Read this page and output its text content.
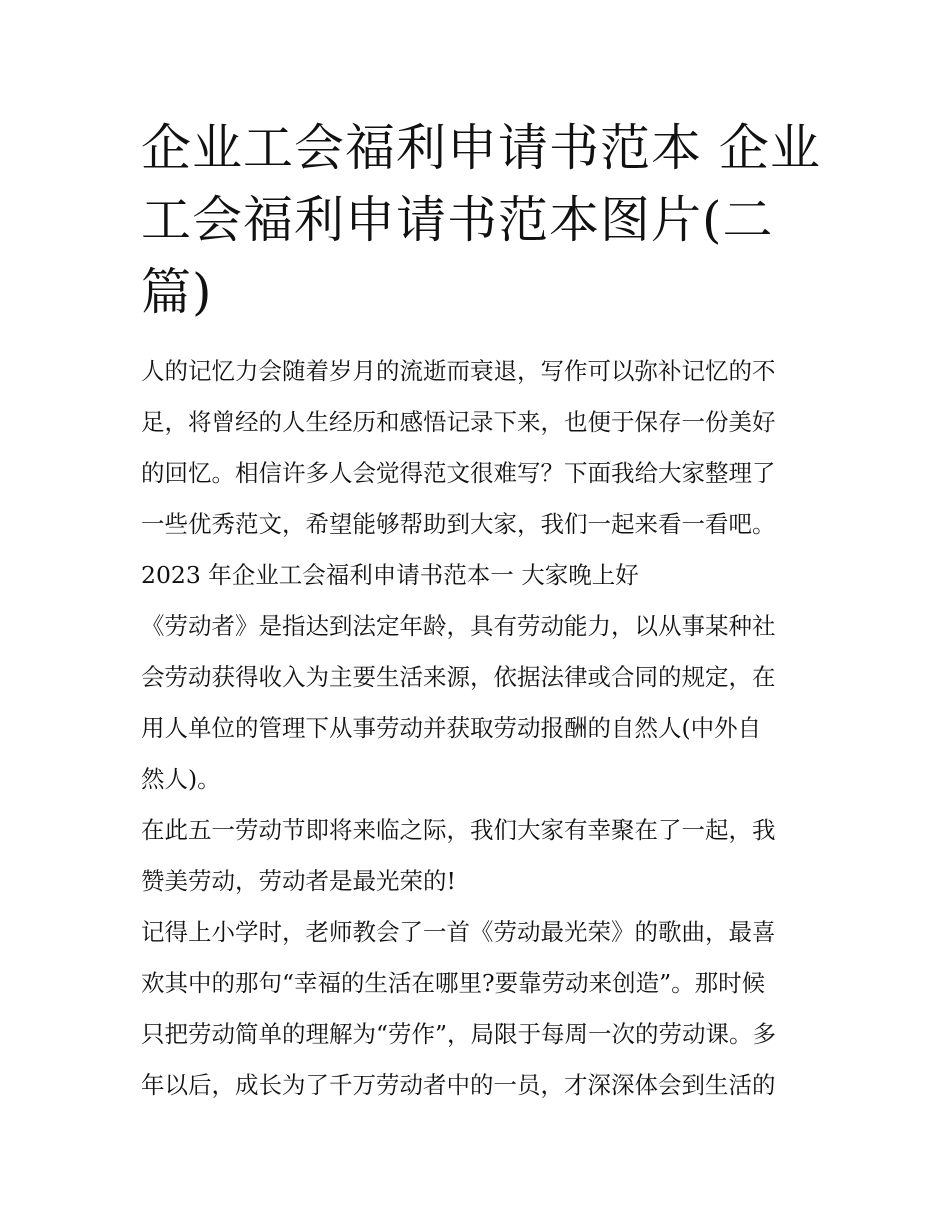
企业工会福利申请书范本 企业
工会福利申请书范本图片(二
篇)

人的记忆力会随着岁月的流逝而衰退，写作可以弥补记忆的不
足，将曾经的人生经历和感悟记录下来，也便于保存一份美好
的回忆。相信许多人会觉得范文很难写？下面我给大家整理了
一些优秀范文，希望能够帮助到大家，我们一起来看一看吧。

2023 年企业工会福利申请书范本一 大家晚上好

《劳动者》是指达到法定年龄，具有劳动能力，以从事某种社
会劳动获得收入为主要生活来源，依据法律或合同的规定，在
用人单位的管理下从事劳动并获取劳动报酬的自然人(中外自
然人)。

在此五一劳动节即将来临之际，我们大家有幸聚在了一起，我
赞美劳动，劳动者是最光荣的!

记得上小学时，老师教会了一首《劳动最光荣》的歌曲，最喜
欢其中的那句“幸福的生活在哪里?要靠劳动来创造”。那时候
只把劳动简单的理解为“劳作”，局限于每周一次的劳动课。多
年以后，成长为了千万劳动者中的一员，才深深体会到生活的
